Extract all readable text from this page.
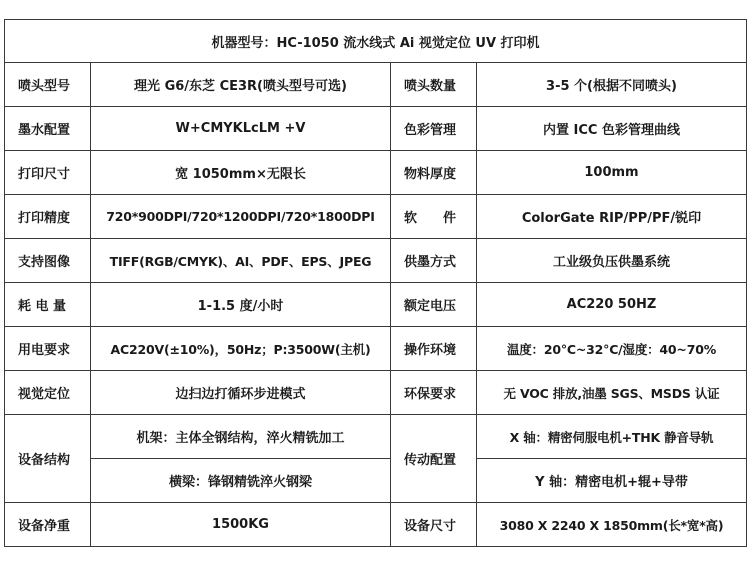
机器型号：HC-1050 流水线式 Ai 视觉定位 UV 打印机			
喷头型号	理光 G6/东芝 CE3R(喷头型号可选)	喷头数量	3-5 个(根据不同喷头)
墨水配置	W+CMYKLcLM +V	色彩管理	内置 ICC 色彩管理曲线
打印尺寸	宽 1050mm×无限长	物料厚度	100mm
打印精度	720*900DPI/720*1200DPI/720*1800DPI	软　　件	ColorGate RIP/PP/PF/锐印
支持图像	TIFF(RGB/CMYK)、AI、PDF、EPS、JPEG	供墨方式	工业级负压供墨系统
耗 电 量	1-1.5 度/小时	额定电压	AC220 50HZ
用电要求	AC220V(±10%)，50Hz；P:3500W(主机)	操作环境	温度：20°C~32°C/湿度：40~70%
视觉定位	边扫边打循环步进模式	环保要求	无 VOC 排放,油墨 SGS、MSDS 认证
设备结构	机架：主体全钢结构，淬火精铣加工	传动配置	X 轴：精密伺服电机+THK 静音导轨
	横梁：锋钢精铣淬火钢梁		Y 轴：精密电机+辊+导带
设备净重	1500KG	设备尺寸	3080 X 2240 X 1850mm(长*宽*高)
